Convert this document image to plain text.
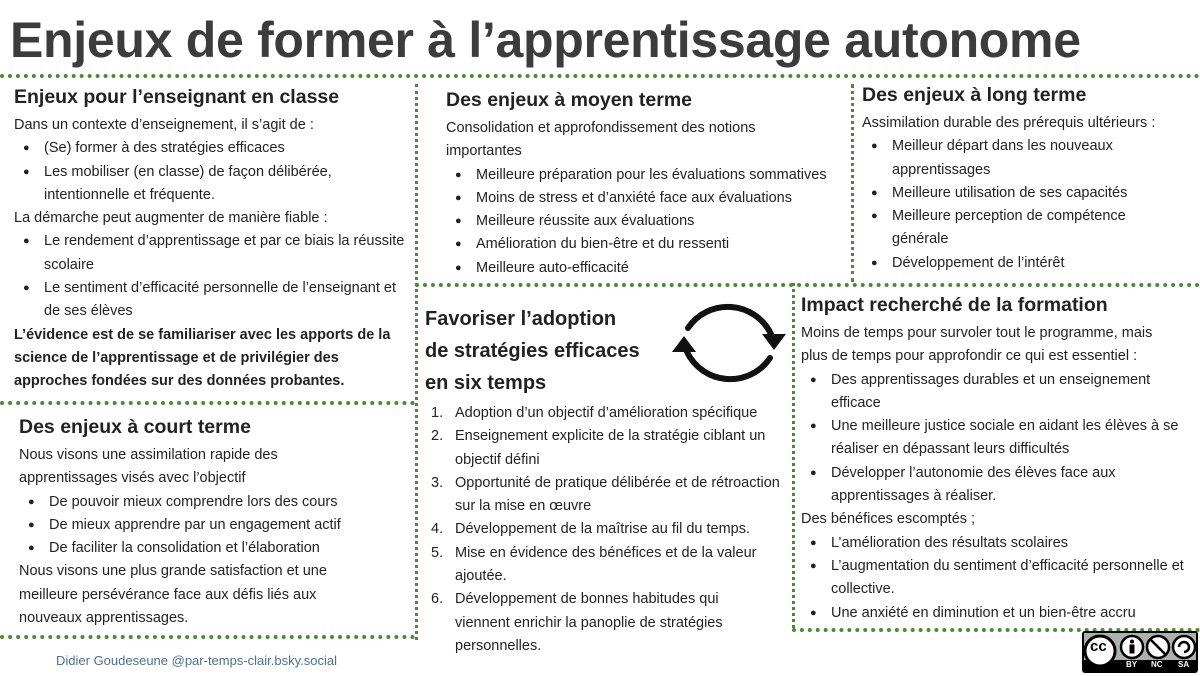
Enjeux de former à l’apprentissage autonome
Enjeux pour l’enseignant en classe

Dans un contexte d’enseignement, il s’agit de :

● (Se) former à des stratégies efficaces
● Les mobiliser (en classe) de façon délibérée, intentionnelle et fréquente.

La démarche peut augmenter de manière fiable :

● Le rendement d’apprentissage et par ce biais la réussite scolaire
● Le sentiment d’efficacité personnelle de l’enseignant et de ses élèves

L’évidence est de se familiariser avec les apports de la science de l’apprentissage et de privilégier des approches fondées sur des données probantes.

Des enjeux à moyen terme

Consolidation et approfondissement des notions importantes

● Meilleure préparation pour les évaluations sommatives
● Moins de stress et d’anxiété face aux évaluations
● Meilleure réussite aux évaluations
● Amélioration du bien-être et du ressenti
● Meilleure auto-efficacité
Des enjeux à long terme

Assimilation durable des prérequis ultérieurs :

● Meilleur départ dans les nouveaux apprentissages
● Meilleure utilisation de ses capacités
● Meilleure perception de compétence générale
● Développement de l’intérêt
Des enjeux à court terme

Nous visons une assimilation rapide des apprentissages visés avec l’objectif

● De pouvoir mieux comprendre lors des cours
● De mieux apprendre par un engagement actif
● De faciliter la consolidation et l’élaboration

Nous visons une plus grande satisfaction et une meilleure persévérance face aux défis liés aux nouveaux apprentissages.

Favoriser l’adoption
de stratégies efficaces
en six temps
1. Adoption d’un objectif d’amélioration spécifique
2. Enseignement explicite de la stratégie ciblant un objectif défini
3. Opportunité de pratique délibérée et de rétroaction sur la mise en œuvre
4. Développement de la maîtrise au fil du temps.
5. Mise en évidence des bénéfices et de la valeur ajoutée.
6. Développement de bonnes habitudes qui viennent enrichir la panoplie de stratégies personnelles.
Impact recherché de la formation

Moins de temps pour survoler tout le programme, mais plus de temps pour approfondir ce qui est essentiel :

● Des apprentissages durables et un enseignement efficace
● Une meilleure justice sociale en aidant les élèves à se réaliser en dépassant leurs difficultés
● Développer l’autonomie des élèves face aux apprentissages à réaliser.

Des bénéfices escomptés ;

● L’amélioration des résultats scolaires
● L’augmentation du sentiment d’efficacité personnelle et collective.
● Une anxiété en diminution et un bien-être accru
Didier Goudeseune @par-temps-clair.bsky.social
cc
BY NC SA
